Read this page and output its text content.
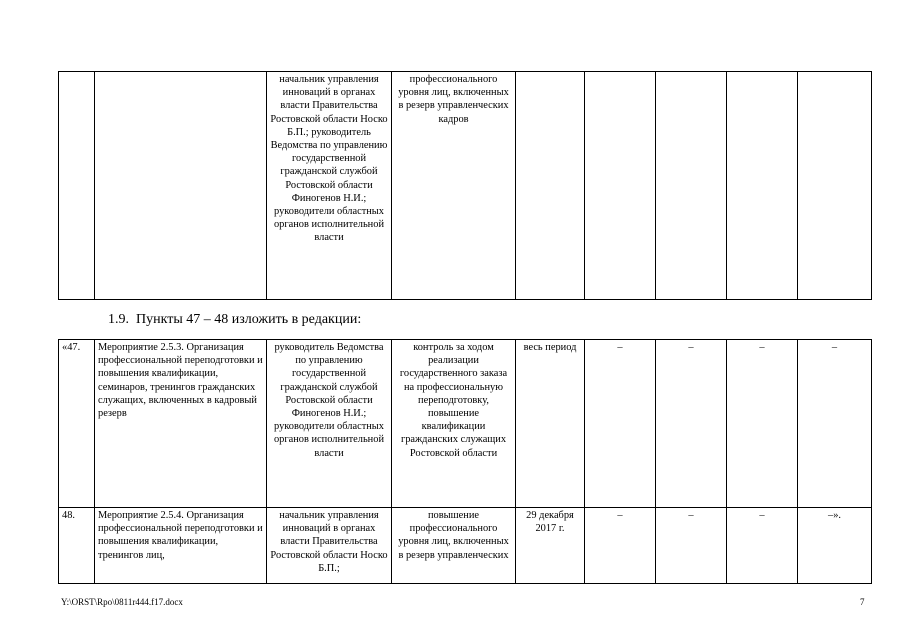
		начальник управления инноваций в органах власти Правительства Ростовской области Носко Б.П.; руководитель Ведомства по управлению государственной гражданской службой Ростовской области Финогенов Н.И.; руководители областных органов исполнительной власти	профессионального уровня лиц, включенных в резерв управленческих кадров					
1.9.  Пункты 47 – 48 изложить в редакции:
«47.	Мероприятие 2.5.3. Организация профессиональной переподготовки и повышения квалификации, семинаров, тренингов гражданских служащих, включенных в кадровый резерв	руководитель Ведомства по управлению государственной гражданской службой Ростовской области Финогенов Н.И.; руководители областных органов исполнительной власти	контроль за ходом реализации государственного заказа на профессиональную переподготовку, повышение квалификации гражданских служащих Ростовской области	весь период	–	–	–	–

48.	Мероприятие 2.5.4. Организация профессиональной переподготовки и повышения квалификации, тренингов лиц,	начальник управления инноваций в органах власти Правительства Ростовской области Носко Б.П.;	повышение профессионального уровня лиц, включенных в резерв управленческих	29 декабря 2017 г.	–	–	–	–».
Y:\ORST\Rpo\0811r444.f17.docx	7
